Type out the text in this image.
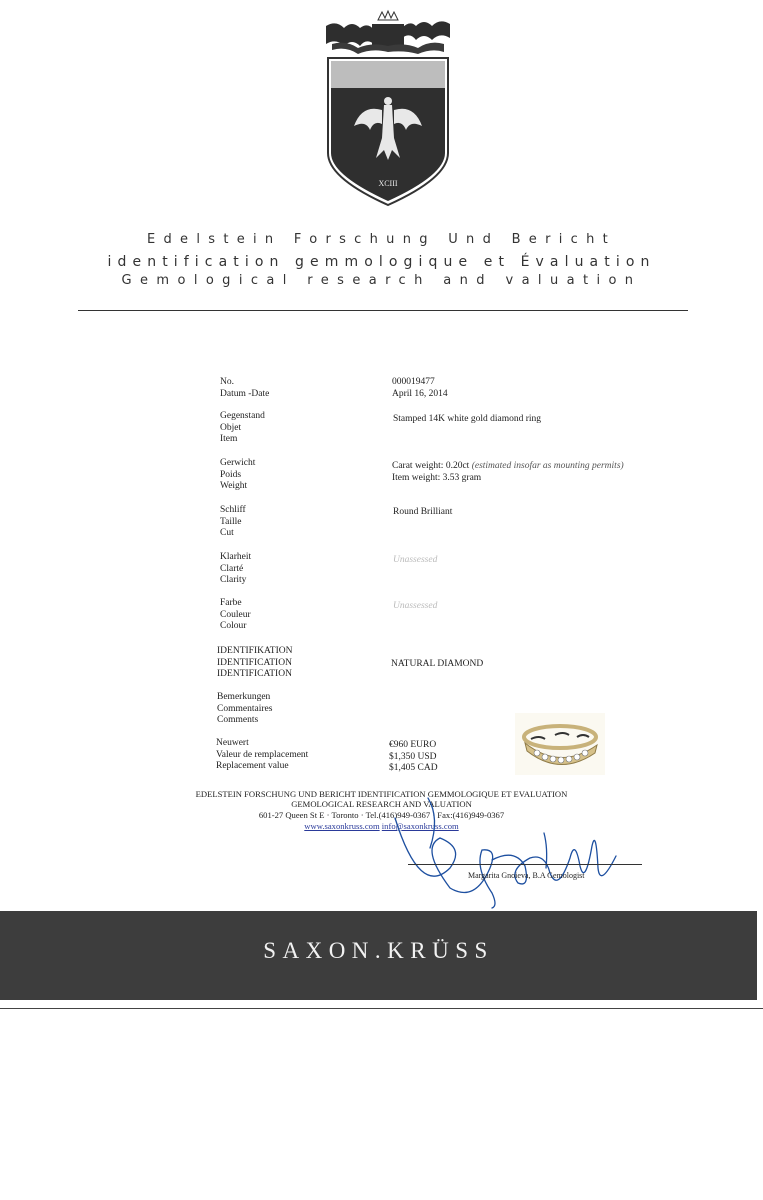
XCIII
Edelstein Forschung Und Bericht
identification gemmologique et Évaluation
Gemological research and valuation
No.
Datum -Date
Gegenstand
Objet
Item
Gerwicht
Poids
Weight
Schliff
Taille
Cut
Klarheit
Clarté
Clarity
Farbe
Couleur
Colour
IDENTIFIKATION
IDENTIFICATION
IDENTIFICATION
Bemerkungen
Commentaires
Comments
Neuwert
Valeur de remplacement
Replacement value
000019477
April 16, 2014
Stamped 14K white gold diamond ring
Carat weight: 0.20ct (estimated insofar as mounting permits)
Item weight: 3.53 gram
Round Brilliant
Unassessed
Unassessed
NATURAL DIAMOND
€960 EURO
$1,350 USD
$1,405 CAD
EDELSTEIN FORSCHUNG UND BERICHT IDENTIFICATION GEMMOLOGIQUE ET EVALUATION
GEMOLOGICAL RESEARCH AND VALUATION
601-27 Queen St E · Toronto · Tel.(416)949-0367 · Fax:(416)949-0367
www.saxonkruss.com info@saxonkruss.com
Margarita Gnoieva, B.A Gemologist
SAXON.KRÜSS
